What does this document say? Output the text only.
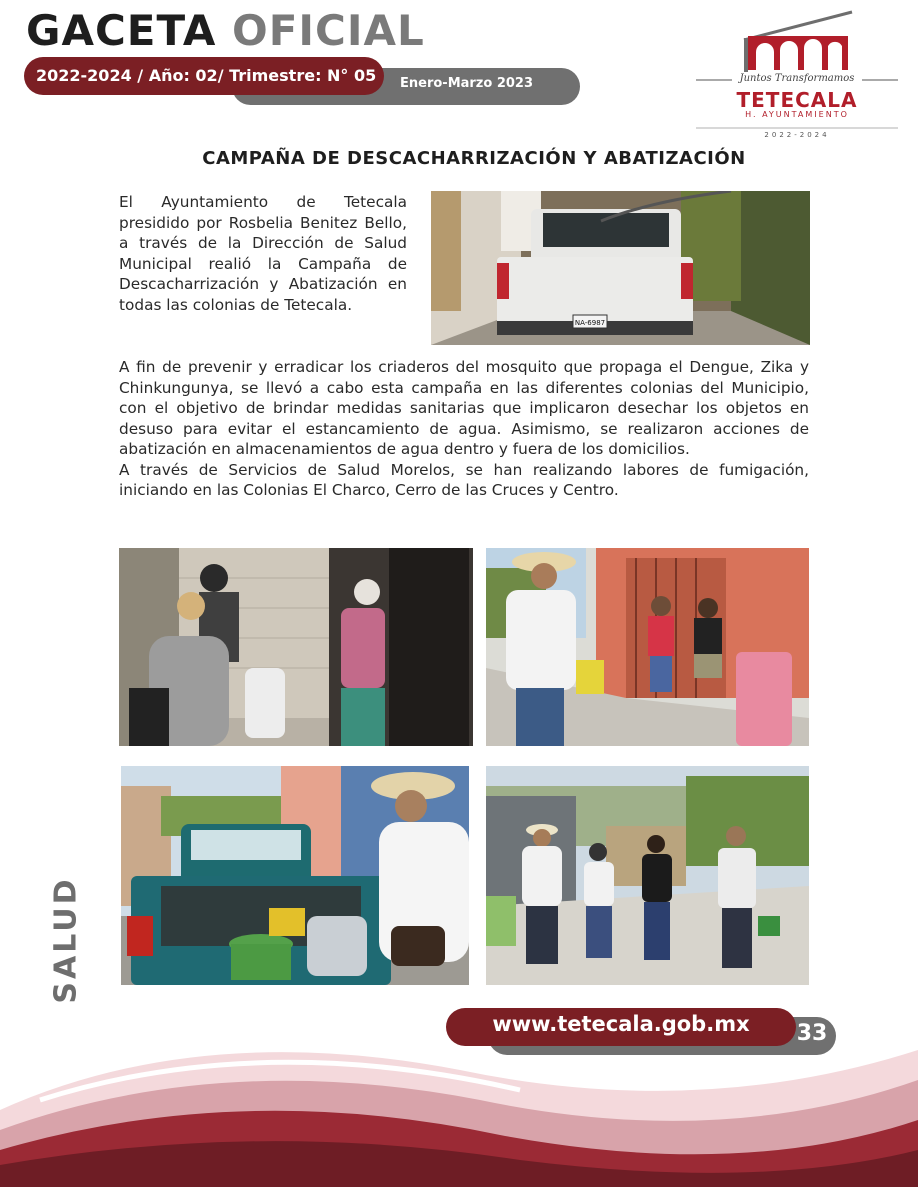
GACETA OFICIAL
Enero-Marzo 2023
2022-2024 / Año: 02/ Trimestre: N° 05	Juntos Transformamos
TETECALA
H. AYUNTAMIENTO
2022-2024
CAMPAÑA DE DESCACHARRIZACIÓN Y ABATIZACIÓN
El Ayuntamiento de Tetecala presidido por Rosbelia Benitez Bello, a través de la Dirección de Salud Municipal realió la Campaña de Descacharrización y Abatización en todas las colonias de Tetecala.
NA-6987

A fin de prevenir y erradicar los criaderos del mosquito que propaga el Dengue, Zika y Chinkungunya, se llevó a cabo esta campaña en las diferentes colonias del Municipio, con el objetivo de brindar medidas sanitarias que implicaron desechar los objetos en desuso para evitar el estancamiento de agua. Asimismo, se realizaron acciones de abatización en almacenamientos de agua dentro y fuera de los domicilios.

A través de Servicios de Salud Morelos, se han realizando labores de fumigación, iniciando en las Colonias El Charco, Cerro de las Cruces y Centro.

SALUD
www.tetecala.gob.mx	33
